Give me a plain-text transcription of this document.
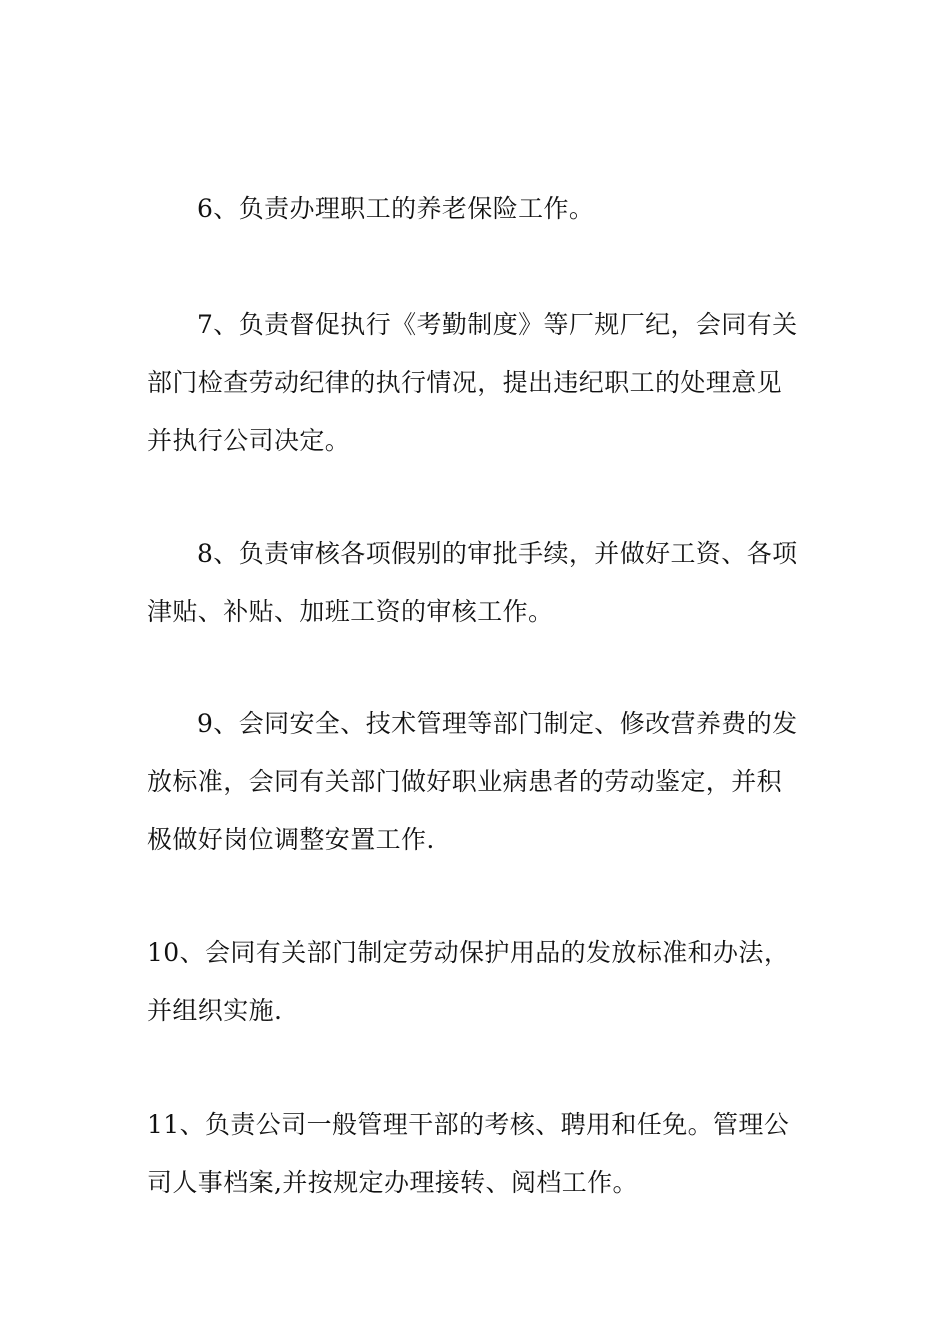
6、负责办理职工的养老保险工作。
7、负责督促执行《考勤制度》等厂规厂纪，会同有关
部门检查劳动纪律的执行情况，提出违纪职工的处理意见
并执行公司决定。
8、负责审核各项假别的审批手续，并做好工资、各项
津贴、补贴、加班工资的审核工作。
9、会同安全、技术管理等部门制定、修改营养费的发
放标准，会同有关部门做好职业病患者的劳动鉴定，并积
极做好岗位调整安置工作.
10、会同有关部门制定劳动保护用品的发放标准和办法，
并组织实施.
11、负责公司一般管理干部的考核、聘用和任免。管理公
司人事档案,并按规定办理接转、阅档工作。
